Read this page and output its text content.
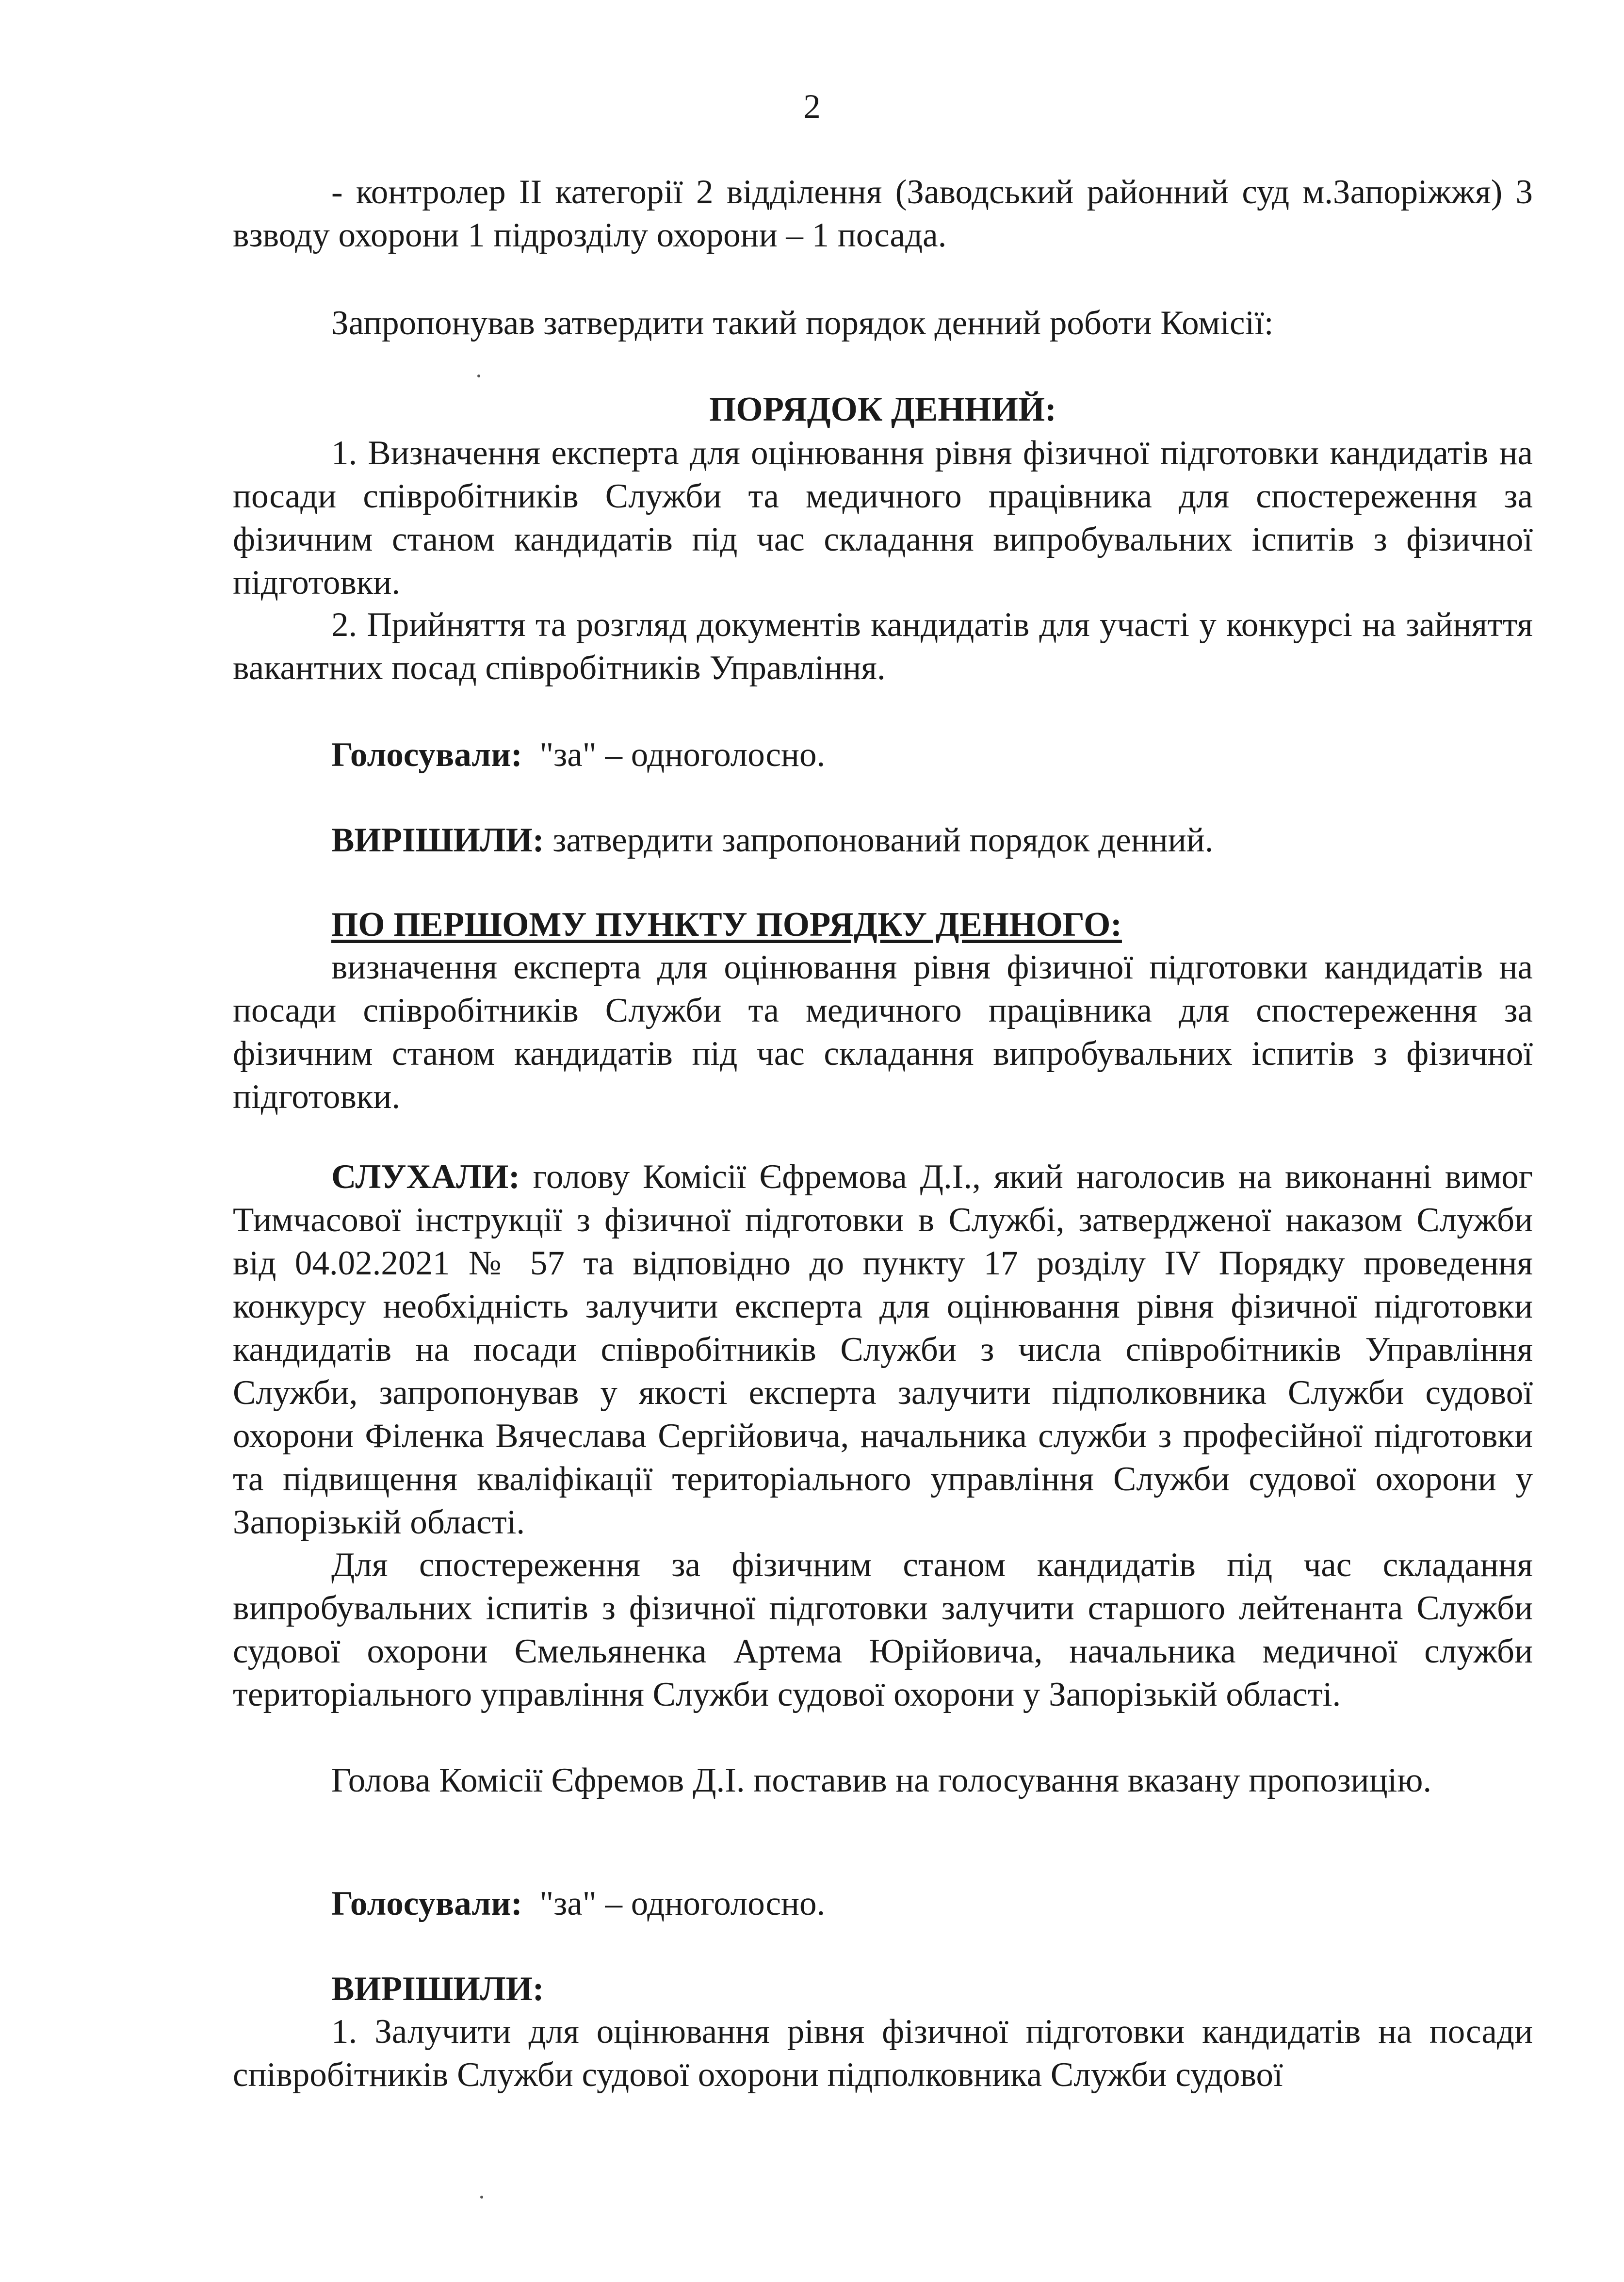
2

- контролер ІІ категорії 2 відділення (Заводський районний суд м.Запоріжжя) 3 взводу охорони 1 підрозділу охорони – 1 посада.

Запропонував затвердити такий порядок денний роботи Комісії:

ПОРЯДОК ДЕННИЙ:

1. Визначення експерта для оцінювання рівня фізичної підготовки кандидатів на посади співробітників Служби та медичного працівника для спостереження за фізичним станом кандидатів під час складання випробувальних іспитів з фізичної підготовки.

2. Прийняття та розгляд документів кандидатів для участі у конкурсі на зайняття вакантних посад співробітників Управління.

Голосували: "за" – одноголосно.

ВИРІШИЛИ: затвердити запропонований порядок денний.

ПО ПЕРШОМУ ПУНКТУ ПОРЯДКУ ДЕННОГО:

визначення експерта для оцінювання рівня фізичної підготовки кандидатів на посади співробітників Служби та медичного працівника для спостереження за фізичним станом кандидатів під час складання випробувальних іспитів з фізичної підготовки.

СЛУХАЛИ: голову Комісії Єфремова Д.І., який наголосив на виконанні вимог Тимчасової інструкції з фізичної підготовки в Службі, затвердженої наказом Служби від 04.02.2021 № 57 та відповідно до пункту 17 розділу IV Порядку проведення конкурсу необхідність залучити експерта для оцінювання рівня фізичної підготовки кандидатів на посади співробітників Служби з числа співробітників Управління Служби, запропонував у якості експерта залучити підполковника Служби судової охорони Філенка Вячеслава Сергійовича, начальника служби з професійної підготовки та підвищення кваліфікації територіального управління Служби судової охорони у Запорізькій області.

Для спостереження за фізичним станом кандидатів під час складання випробувальних іспитів з фізичної підготовки залучити старшого лейтенанта Служби судової охорони Ємельяненка Артема Юрійовича, начальника медичної служби територіального управління Служби судової охорони у Запорізькій області.

Голова Комісії Єфремов Д.І. поставив на голосування вказану пропозицію.

Голосували: "за" – одноголосно.

ВИРІШИЛИ:

1. Залучити для оцінювання рівня фізичної підготовки кандидатів на посади співробітників Служби судової охорони підполковника Служби судової
